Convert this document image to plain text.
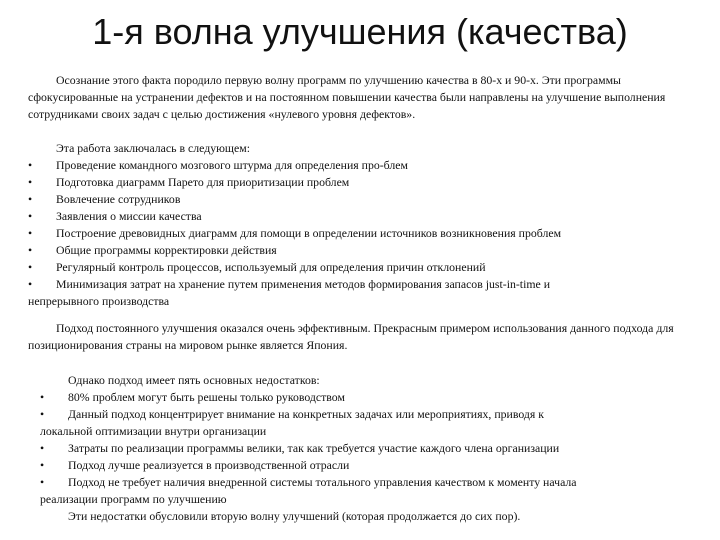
1-я волна улучшения (качества)

Осознание этого факта породило первую волну программ по улучшению качества в 80-х и 90-х. Эти программы сфокусированные на устранении дефектов и на постоянном повышении качества были направлены на улучшение выполнения сотрудниками своих задач с целью достижения «нулевого уровня дефектов».

Эта работа заключалась в следующем:
•	Проведение командного мозгового штурма для определения про-блем
•	Подготовка диаграмм Парето для приоритизации проблем
•	Вовлечение сотрудников
•	Заявления о миссии качества
•	Построение древовидных диаграмм для помощи в определении источников возникновения проблем
•	Общие программы корректировки действия
•	Регулярный контроль процессов, используемый для определения причин отклонений
•	Минимизация затрат на хранение путем применения методов формирования запасов just-in-time и
непрерывного производства

Подход постоянного улучшения оказался очень эффективным. Прекрасным примером использования данного подхода для позиционирования страны на мировом рынке является Япония.

Однако подход имеет пять основных недостатков:
•	80% проблем могут быть решены только руководством
•	Данный подход концентрирует внимание на конкретных задачах или мероприятиях, приводя к
локальной оптимизации внутри организации
•	Затраты по реализации программы велики, так как требуется участие каждого члена организации
•	Подход лучше реализуется в производственной отрасли
•	Подход не требует наличия внедренной системы тотального управления качеством к моменту начала
реализации программ по улучшению
Эти недостатки обусловили вторую волну улучшений (которая продолжается до сих пор).
